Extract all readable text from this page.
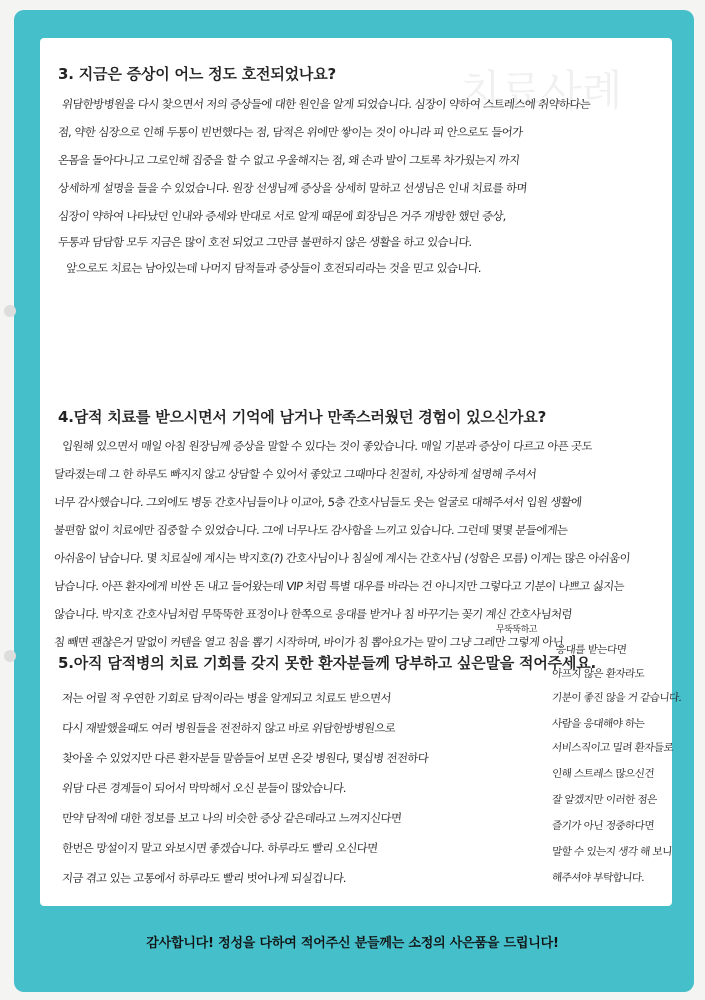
치료사례

3. 지금은 증상이 어느 정도 호전되었나요?

위담한방병원을 다시 찾으면서 저의 증상들에 대한 원인을 알게 되었습니다. 심장이 약하여 스트레스에 취약하다는

점, 약한 심장으로 인해 두통이 빈번했다는 점, 담적은 위에만 쌓이는 것이 아니라 피 안으로도 들어가

온몸을 돌아다니고 그로인해 집중을 할 수 없고 우울해지는 점, 왜 손과 발이 그토록 차가웠는지 까지

상세하게 설명을 들을 수 있었습니다. 원장 선생님께 증상을 상세히 말하고 선생님은 인내 치료를 하며

심장이 약하여 나타났던 인내와 증세와 반대로 서로 알게 때문에 회장님은 거주 개방한 했던 증상,

두통과 담담함 모두 지금은 많이 호전 되었고 그만큼 불편하지 않은 생활을 하고 있습니다.

앞으로도 치료는 남아있는데 나머지 담적들과 증상들이 호전되리라는 것을 믿고 있습니다.

4.담적 치료를 받으시면서 기억에 남거나 만족스러웠던 경험이 있으신가요?

입원해 있으면서 매일 아침 원장님께 증상을 말할 수 있다는 것이 좋았습니다. 매일 기분과 증상이 다르고 아픈 곳도

달라졌는데 그 한 하루도 빠지지 않고 상담할 수 있어서 좋았고 그때마다 친절히, 자상하게 설명해 주셔서

너무 감사했습니다. 그외에도 병동 간호사님들이나 이교아, 5층 간호사님들도 웃는 얼굴로 대해주셔서 입원 생활에

불편함 없이 치료에만 집중할 수 있었습니다. 그에 너무나도 감사함을 느끼고 있습니다. 그런데 몇몇 분들에게는

아쉬움이 남습니다. 몇 치료실에 계시는 박지호(?) 간호사님이나 침실에 계시는 간호사님 (성함은 모름) 이게는 많은 아쉬움이

남습니다. 아픈 환자에게 비싼 돈 내고 들어왔는데 VIP 처럼 특별 대우를 바라는 건 아니지만 그렇다고 기분이 나쁘고 싫지는

않습니다. 박지호 간호사님처럼 무뚝뚝한 표정이나 한쪽으로 응대를 받거나 침 바꾸기는 꽂기 계신 간호사님처럼

침 빼면 괜찮은거 말없이 커텐을 열고 침을 뽑기 시작하며, 바이가 침 뽑아요가는 말이 그냥 그레만 그렇게 아닌

무뚝뚝하고

5.아직 담적병의 치료 기회를 갖지 못한 환자분들께 당부하고 싶은말을 적어주세요.

저는 어릴 적 우연한 기회로 담적이라는 병을 알게되고 치료도 받으면서

다시 재발했을때도 여러 병원들을 전전하지 않고 바로 위담한방병원으로

찾아올 수 있었지만 다른 환자분들 말씀들어 보면 온갖 병원다, 몇십병 전전하다

위담 다른 경계들이 되어서 막막해서 오신 분들이 많았습니다.

만약 담적에 대한 정보를 보고 나의 비슷한 증상 같은데라고 느껴지신다면

한번은 망설이지 말고 와보시면 좋겠습니다. 하루라도 빨리 오신다면

지금 겪고 있는 고통에서 하루라도 빨리 벗어나게 되실겁니다.

응대를 받는다면

아프지 않은 환자라도

기분이 좋진 않을 거 같습니다.

사람을 응대해야 하는

서비스직이고 밀려 환자들로

인해 스트레스 많으신건

잘 알겠지만 이러한 점은

즐기가 아닌 정중하다면

말할 수 있는지 생각 해 보니

해주셔야 부탁합니다.

감사합니다! 정성을 다하여 적어주신 분들께는 소정의 사은품을 드립니다!
